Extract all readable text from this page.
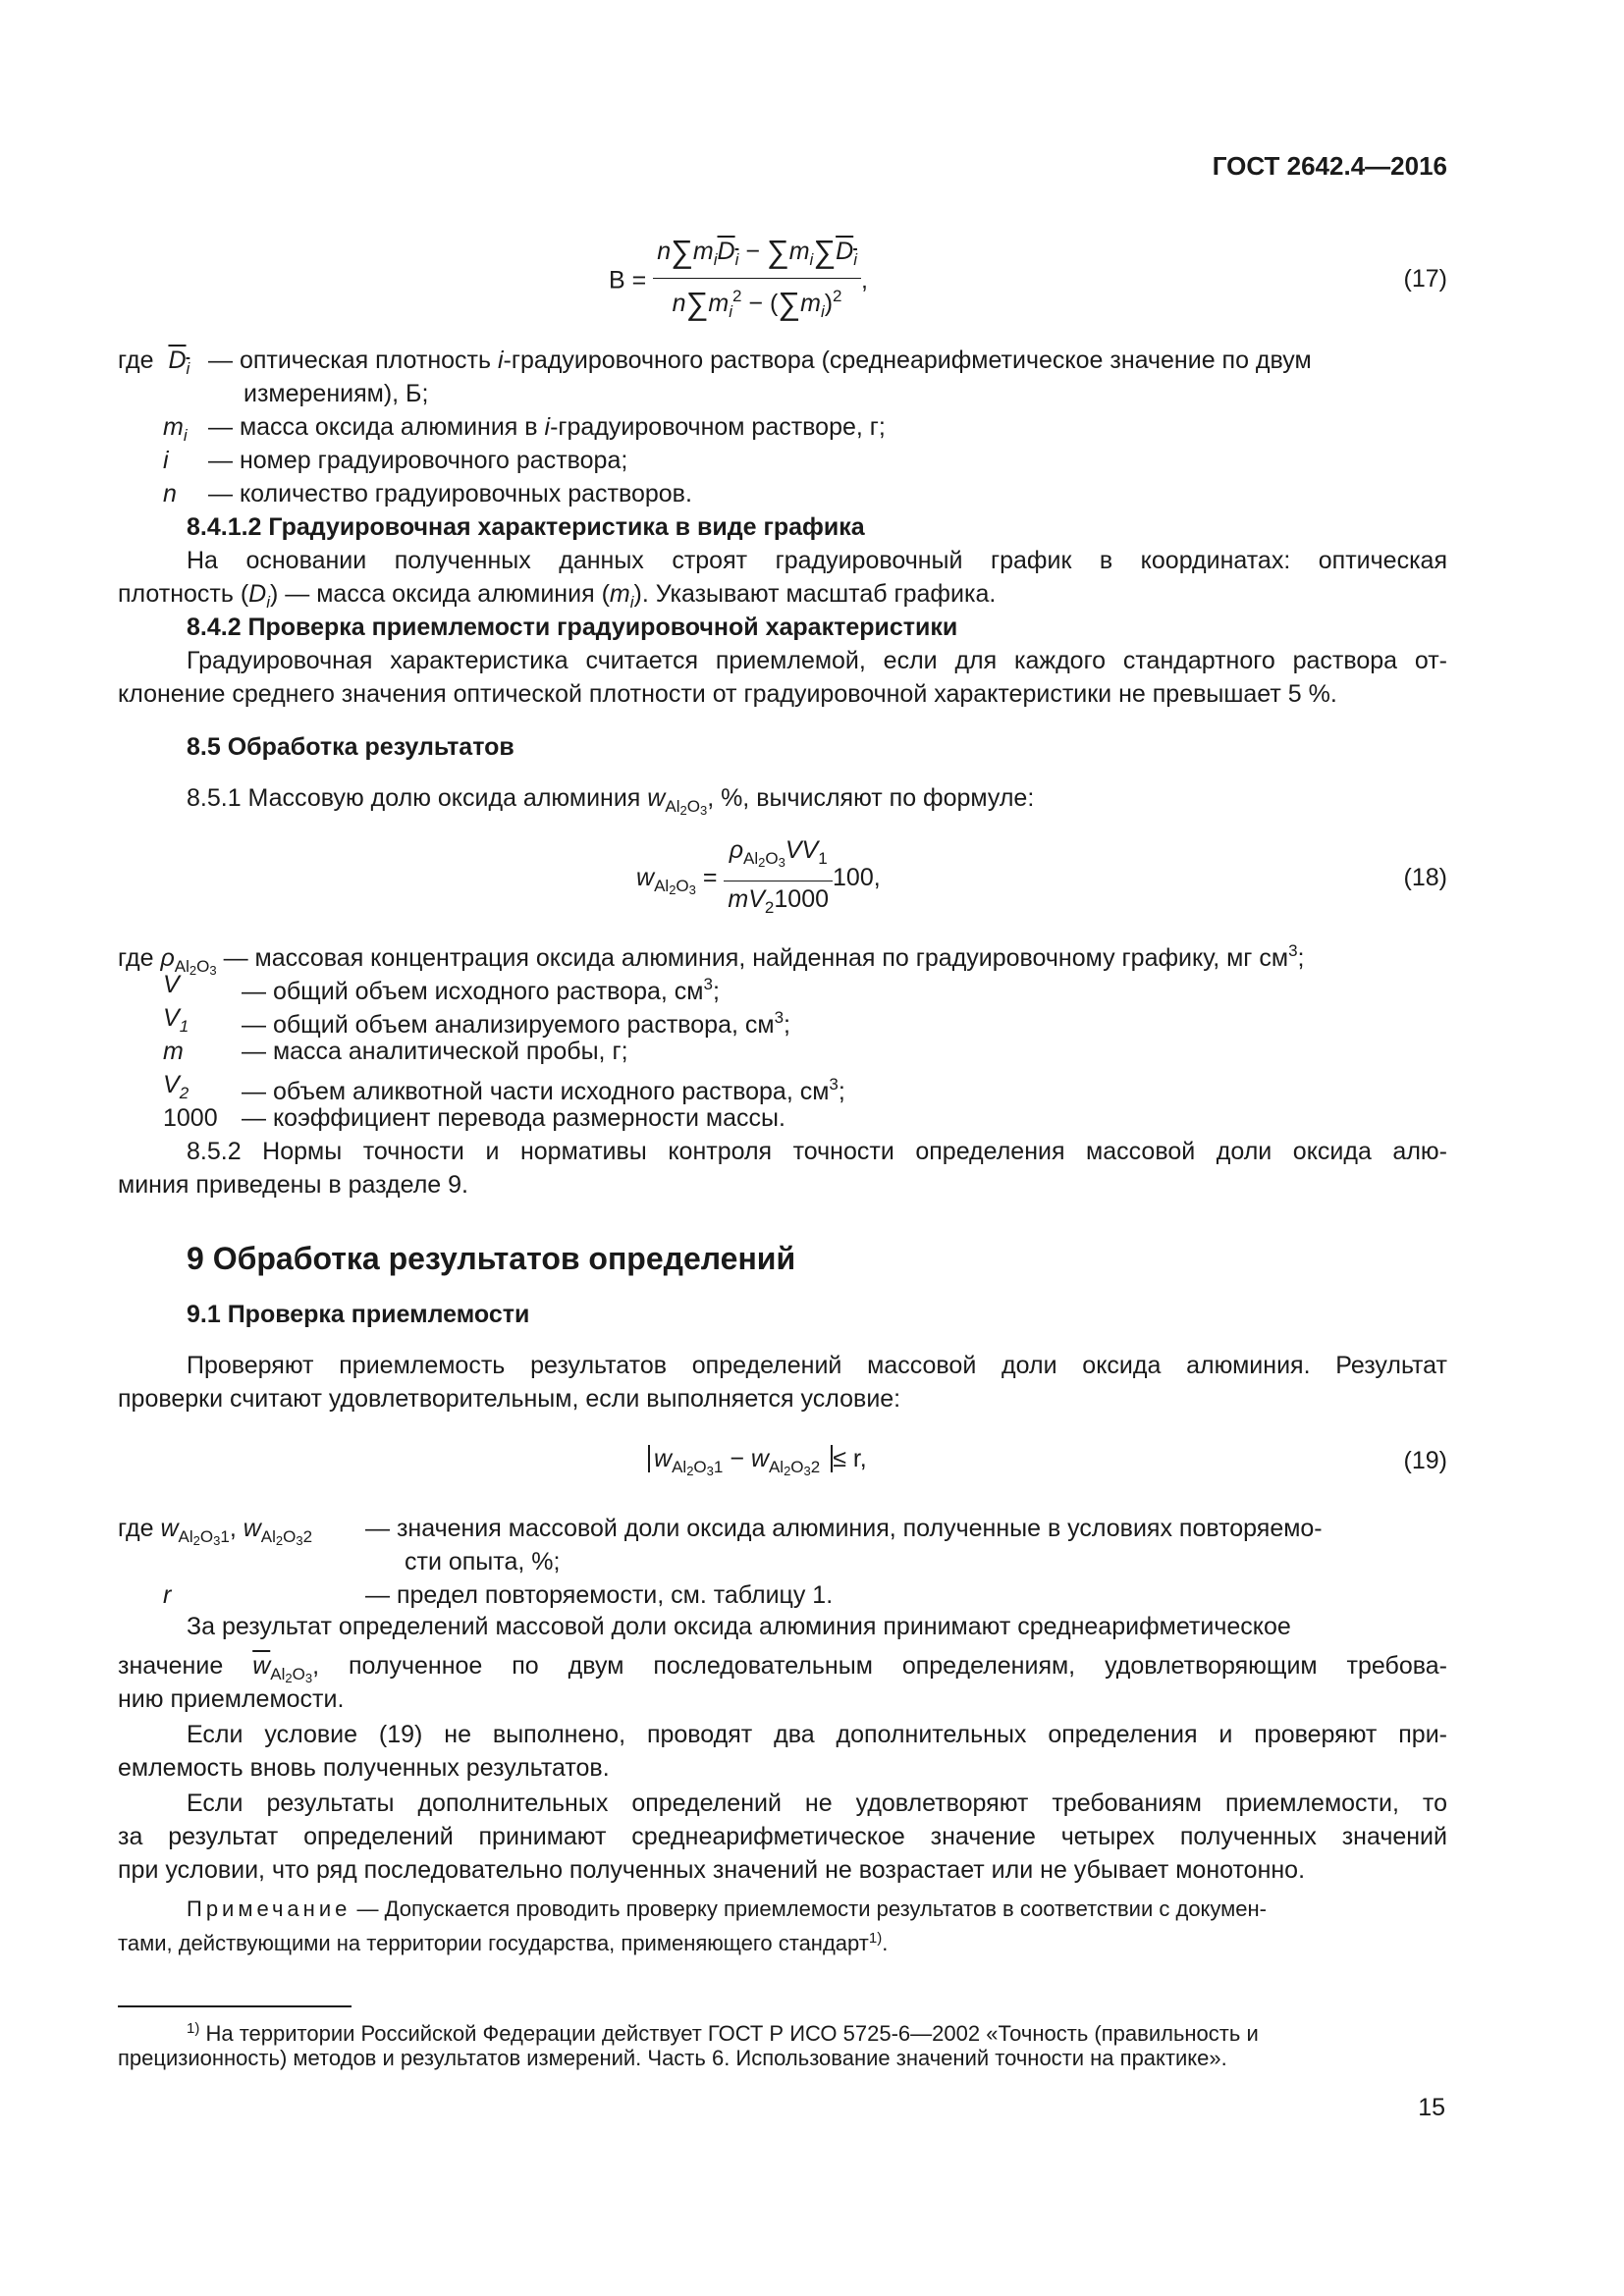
ГОСТ 2642.4—2016
$B = \frac{n\sum m_iD_i - \sum m_i\sum D_i}{n\sum m_i^2 - (\sum m_i)^2}$ ,	(17)
где $D_i$ — оптическая плотность i-градуировочного раствора (среднеарифметическое значение по двум
измерениям), Б;
$m_i$ — масса оксида алюминия в i-градуировочном растворе, г;
i — номер градуировочного раствора;
n — количество градуировочных растворов.
8.4.1.2 Градуировочная характеристика в виде графика
На основании полученных данных строят градуировочный график в координатах: оптическая
плотность $(D_i)$ — масса оксида алюминия $(m_i)$. Указывают масштаб графика.
8.4.2 Проверка приемлемости градуировочной характеристики
Градуировочная характеристика считается приемлемой, если для каждого стандартного раствора от-
клонение среднего значения оптической плотности от градуировочной характеристики не превышает 5 %.
8.5 Обработка результатов
8.5.1 Массовую долю оксида алюминия $w_{Al_2O_3}$, %, вычисляют по формуле:
$w_{Al_2O_3} = \frac{\rho_{Al_2O_3}VV_1}{mV_21000} 100$,	(18)
где $\rho_{Al_2O_3}$ — массовая концентрация оксида алюминия, найденная по градуировочному графику, мг $см^3$;
V	— общий объем исходного раствора, $см^3$;
$V_1$ — общий объем анализируемого раствора, $см^3$;
m — масса аналитической пробы, г;
$V_2$ — объем аликвотной части исходного раствора, $см^3$;
1000 — коэффициент перевода размерности массы.
8.5.2 Нормы точности и нормативы контроля точности определения массовой доли оксида алю-
миния приведены в разделе 9.
9 Обработка результатов определений
9.1 Проверка приемлемости
Проверяют приемлемость результатов определений массовой доли оксида алюминия. Результат
проверки считают удовлетворительным, если выполняется условие:
$w_{Al_2O_31} - w_{Al_2O_32} \le r$,	(19)
где $w_{Al_2O_31}$, $w_{Al_2O_32}$ — значения массовой доли оксида алюминия, полученные в условиях повторяемо-
сти опыта, %;
r	— предел повторяемости, см. таблицу 1.
За результат определений массовой доли оксида алюминия принимают среднеарифметическое
значение $\overline{w}_{Al_2O_3}$, полученное по двум последовательным определениям, удовлетворяющим требова-
нию приемлемости.
Если условие (19) не выполнено, проводят два дополнительных определения и проверяют при-
емлемость вновь полученных результатов.
Если результаты дополнительных определений не удовлетворяют требованиям приемлемости, то
за результат определений принимают среднеарифметическое значение четырех полученных значений
при условии, что ряд последовательно полученных значений не возрастает или не убывает монотонно.
Примечание — Допускается проводить проверку приемлемости результатов в соответствии с докумен-
тами, действующими на территории государства, применяющего стандарт$^{1)}$.
$^{1)}$ На территории Российской Федерации действует ГОСТ Р ИСО 5725-6—2002 «Точность (правильность и
прецизионность) методов и результатов измерений. Часть 6. Использование значений точности на практике».
15
